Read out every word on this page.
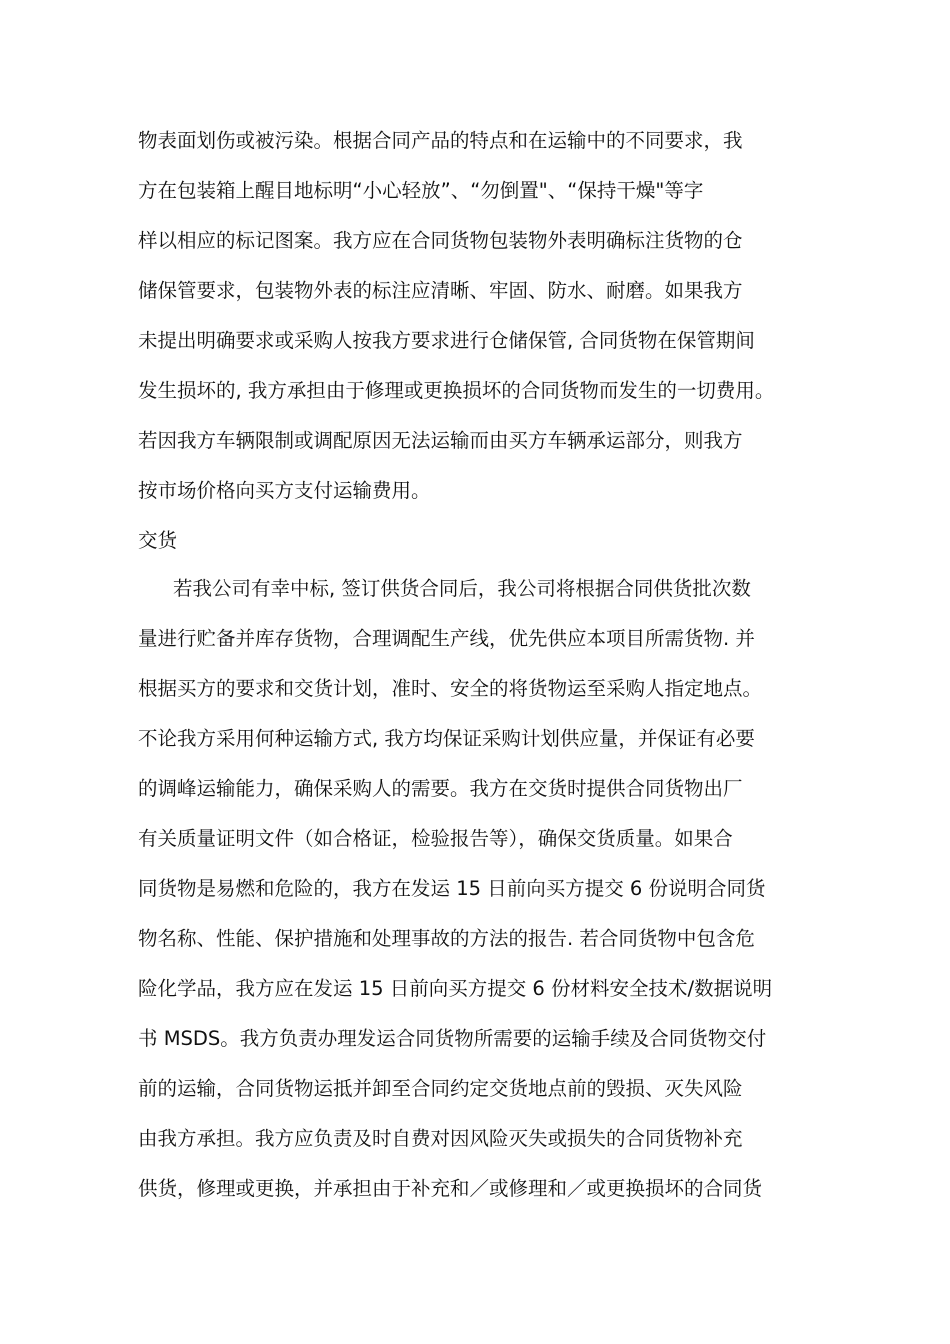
物表面划伤或被污染。根据合同产品的特点和在运输中的不同要求，我
方在包装箱上醒目地标明“小心轻放”、“勿倒置"、“保持干燥"等字
样以相应的标记图案。我方应在合同货物包装物外表明确标注货物的仓
储保管要求，包装物外表的标注应清晰、牢固、防水、耐磨。如果我方
未提出明确要求或采购人按我方要求进行仓储保管, 合同货物在保管期间
发生损坏的, 我方承担由于修理或更换损坏的合同货物而发生的一切费用。
若因我方车辆限制或调配原因无法运输而由买方车辆承运部分，则我方
按市场价格向买方支付运输费用。
交货
若我公司有幸中标, 签订供货合同后，我公司将根据合同供货批次数
量进行贮备并库存货物，合理调配生产线，优先供应本项目所需货物. 并
根据买方的要求和交货计划，准时、安全的将货物运至采购人指定地点。
不论我方采用何种运输方式, 我方均保证采购计划供应量，并保证有必要
的调峰运输能力，确保采购人的需要。我方在交货时提供合同货物出厂
有关质量证明文件（如合格证，检验报告等），确保交货质量。如果合
同货物是易燃和危险的，我方在发运 15 日前向买方提交 6 份说明合同货
物名称、性能、保护措施和处理事故的方法的报告. 若合同货物中包含危
险化学品，我方应在发运 15 日前向买方提交 6 份材料安全技术/数据说明
书 MSDS。我方负责办理发运合同货物所需要的运输手续及合同货物交付
前的运输，合同货物运抵并卸至合同约定交货地点前的毁损、灭失风险
由我方承担。我方应负责及时自费对因风险灭失或损失的合同货物补充
供货，修理或更换，并承担由于补充和／或修理和／或更换损坏的合同货
